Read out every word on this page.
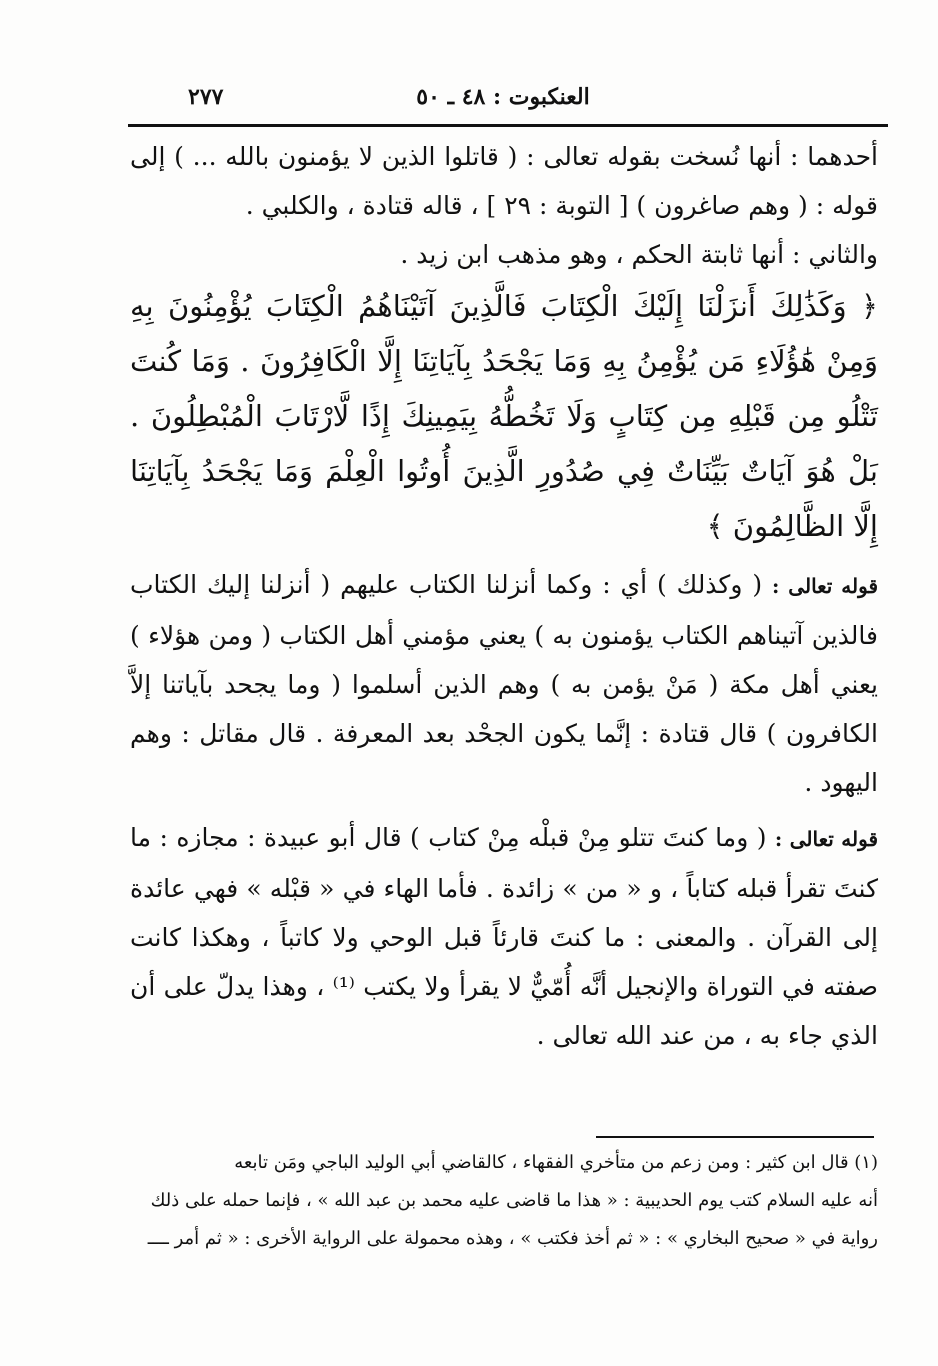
العنكبوت : ٤٨ ـ ٥٠
٢٧٧

أحدهما : أنها نُسخت بقوله تعالى : ( قاتلوا الذين لا يؤمنون بالله ... ) إلى قوله : ( وهم صاغرون ) [ التوبة : ٢٩ ] ، قاله قتادة ، والكلبي .

والثاني : أنها ثابتة الحكم ، وهو مذهب ابن زيد .

﴿ وَكَذَٰلِكَ أَنزَلْنَا إِلَيْكَ الْكِتَابَ فَالَّذِينَ آتَيْنَاهُمُ الْكِتَابَ يُؤْمِنُونَ بِهِ وَمِنْ هَٰؤُلَاءِ مَن يُؤْمِنُ بِهِ وَمَا يَجْحَدُ بِآيَاتِنَا إِلَّا الْكَافِرُونَ . وَمَا كُنتَ تَتْلُو مِن قَبْلِهِ مِن كِتَابٍ وَلَا تَخُطُّهُ بِيَمِينِكَ إِذًا لَّارْتَابَ الْمُبْطِلُونَ . بَلْ هُوَ آيَاتٌ بَيِّنَاتٌ فِي صُدُورِ الَّذِينَ أُوتُوا الْعِلْمَ وَمَا يَجْحَدُ بِآيَاتِنَا إِلَّا الظَّالِمُونَ ﴾

قوله تعالى : ( وكذلك ) أي : وكما أنزلنا الكتاب عليهم ( أنزلنا إليك الكتاب فالذين آتيناهم الكتاب يؤمنون به ) يعني مؤمني أهل الكتاب ( ومن هؤلاء ) يعني أهل مكة ( مَنْ يؤمن به ) وهم الذين أسلموا ( وما يجحد بآياتنا إلاَّ الكافرون ) قال قتادة : إنَّما يكون الجحْد بعد المعرفة . قال مقاتل : وهم اليهود .

قوله تعالى : ( وما كنتَ تتلو مِنْ قبلْه مِنْ كتاب ) قال أبو عبيدة : مجازه : ما كنتَ تقرأ قبله كتاباً ، و « من » زائدة . فأما الهاء في « قبْله » فهي عائدة إلى القرآن . والمعنى : ما كنتَ قارئاً قبل الوحي ولا كاتباً ، وهكذا كانت صفته في التوراة والإنجيل أنَّه أُمّيٌّ لا يقرأ ولا يكتب ⁽¹⁾ ، وهذا يدلّ على أن الذي جاء به ، من عند الله تعالى .

(١) قال ابن كثير : ومن زعم من متأخري الفقهاء ، كالقاضي أبي الوليد الباجي ومَن تابعه

أنه عليه السلام كتب يوم الحديبية : « هذا ما قاضى عليه محمد بن عبد الله » ، فإنما حمله على ذلك

رواية في « صحيح البخاري » : « ثم أخذ فكتب » ، وهذه محمولة على الرواية الأخرى : « ثم أمر ــــ
